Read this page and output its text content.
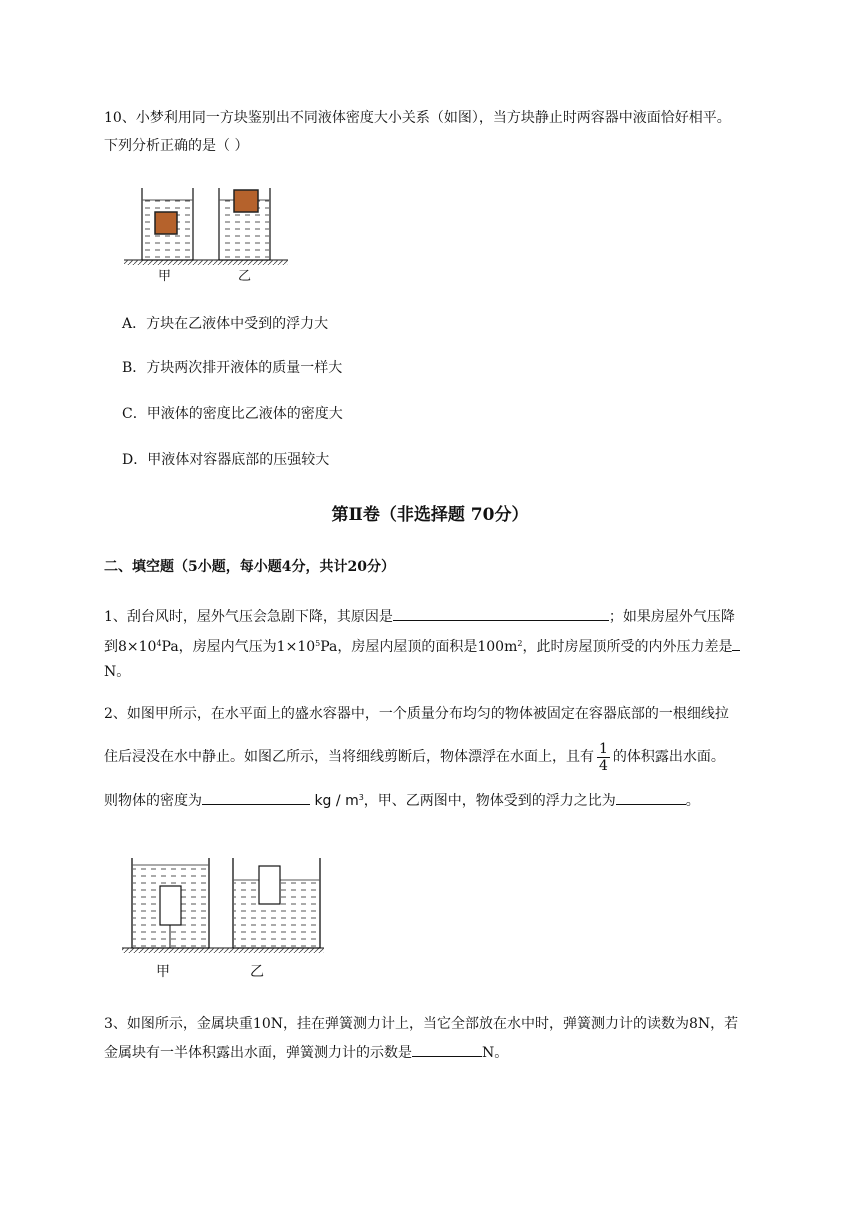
10、小梦利用同一方块鉴别出不同液体密度大小关系（如图），当方块静止时两容器中液面恰好相平。
下列分析正确的是（ ）
甲	乙
A．方块在乙液体中受到的浮力大
B．方块两次排开液体的质量一样大
C．甲液体的密度比乙液体的密度大
D．甲液体对容器底部的压强较大
第Ⅱ卷（非选择题 70分）
二、填空题（5小题，每小题4分，共计20分）
1、刮台风时，屋外气压会急剧下降，其原因是	；如果房屋外气压降
到$8\times 10^4Pa$，房屋内气压为$1\times 10^5Pa$，房屋内屋顶的面积是$100m^2$，此时房屋顶所受的内外压力差是
N。
2、如图甲所示，在水平面上的盛水容器中，一个质量分布均匀的物体被固定在容器底部的一根细线拉
住后浸没在水中静止。如图乙所示，当将细线剪断后，物体漂浮在水面上，且有 $\frac{1}{4}$ 的体积露出水面。
则物体的密度为	kg / $m^3$，甲、乙两图中，物体受到的浮力之比为	。
甲	乙
3、如图所示，金属块重10N，挂在弹簧测力计上，当它全部放在水中时，弹簧测力计的读数为8N，若
金属块有一半体积露出水面，弹簧测力计的示数是	N。
